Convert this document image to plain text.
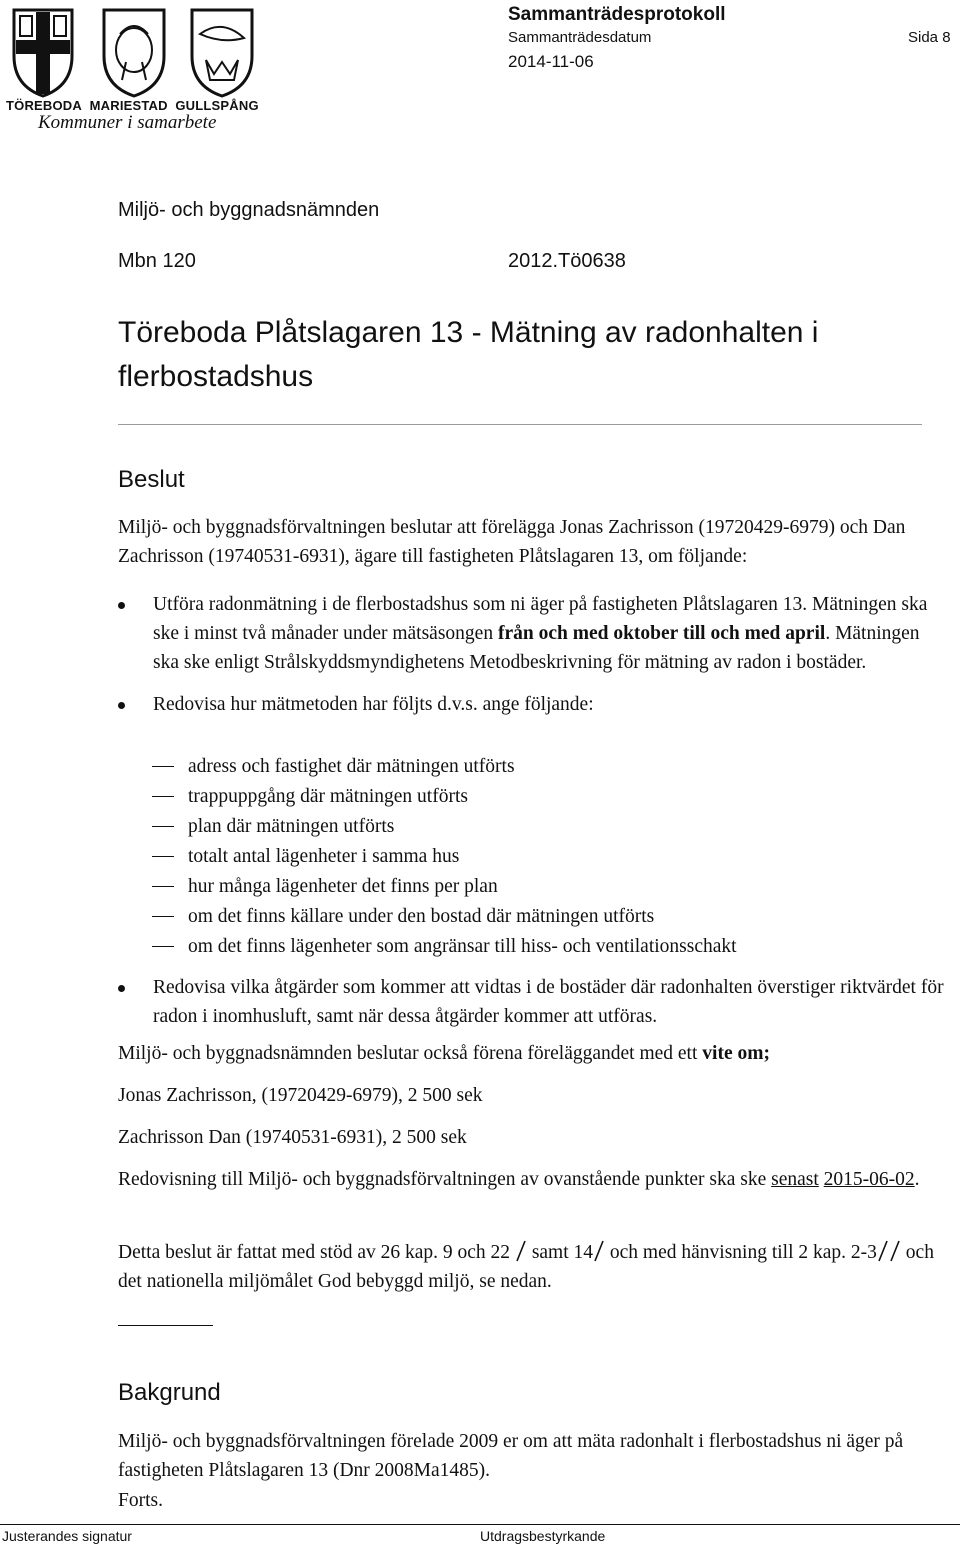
TÖREBODA MARIESTAD GULLSPÅNG
Kommuner i samarbete
Sammanträdesprotokoll
Sammanträdesdatum	Sida 8
2014-11-06
Miljö- och byggnadsnämnden
Mbn 120	2012.Tö0638
Töreboda Plåtslagaren 13 - Mätning av radonhalten i flerbostadshus
Beslut
Miljö- och byggnadsförvaltningen beslutar att förelägga Jonas Zachrisson (19720429-6979) och Dan Zachrisson (19740531-6931), ägare till fastigheten Plåtslagaren 13, om följande:
Utföra radonmätning i de flerbostadshus som ni äger på fastigheten Plåtslagaren 13. Mätningen ska ske i minst två månader under mätsäsongen från och med oktober till och med april. Mätningen ska ske enligt Strålskyddsmyndighetens Metodbeskrivning för mätning av radon i bostäder.
Redovisa hur mätmetoden har följts d.v.s. ange följande:
adress och fastighet där mätningen utförts
trappuppgång där mätningen utförts
plan där mätningen utförts
totalt antal lägenheter i samma hus
hur många lägenheter det finns per plan
om det finns källare under den bostad där mätningen utförts
om det finns lägenheter som angränsar till hiss- och ventilationsschakt
Redovisa vilka åtgärder som kommer att vidtas i de bostäder där radonhalten överstiger riktvärdet för radon i inomhusluft, samt när dessa åtgärder kommer att utföras.
Miljö- och byggnadsnämnden beslutar också förena föreläggandet med ett vite om;
Jonas Zachrisson, (19720429-6979), 2 500 sek
Zachrisson Dan (19740531-6931), 2 500 sek
Redovisning till Miljö- och byggnadsförvaltningen av ovanstående punkter ska ske senast 2015-06-02.
Detta beslut är fattat med stöd av 26 kap. 9 och 22  samt 14 och med hänvisning till 2 kap. 2-3 och det nationella miljömålet God bebyggd miljö, se nedan.
Bakgrund
Miljö- och byggnadsförvaltningen förelade 2009 er om att mäta radonhalt i flerbostadshus ni äger på fastigheten Plåtslagaren 13 (Dnr 2008Ma1485).
Forts.
Justerandes signatur	Utdragsbestyrkande
